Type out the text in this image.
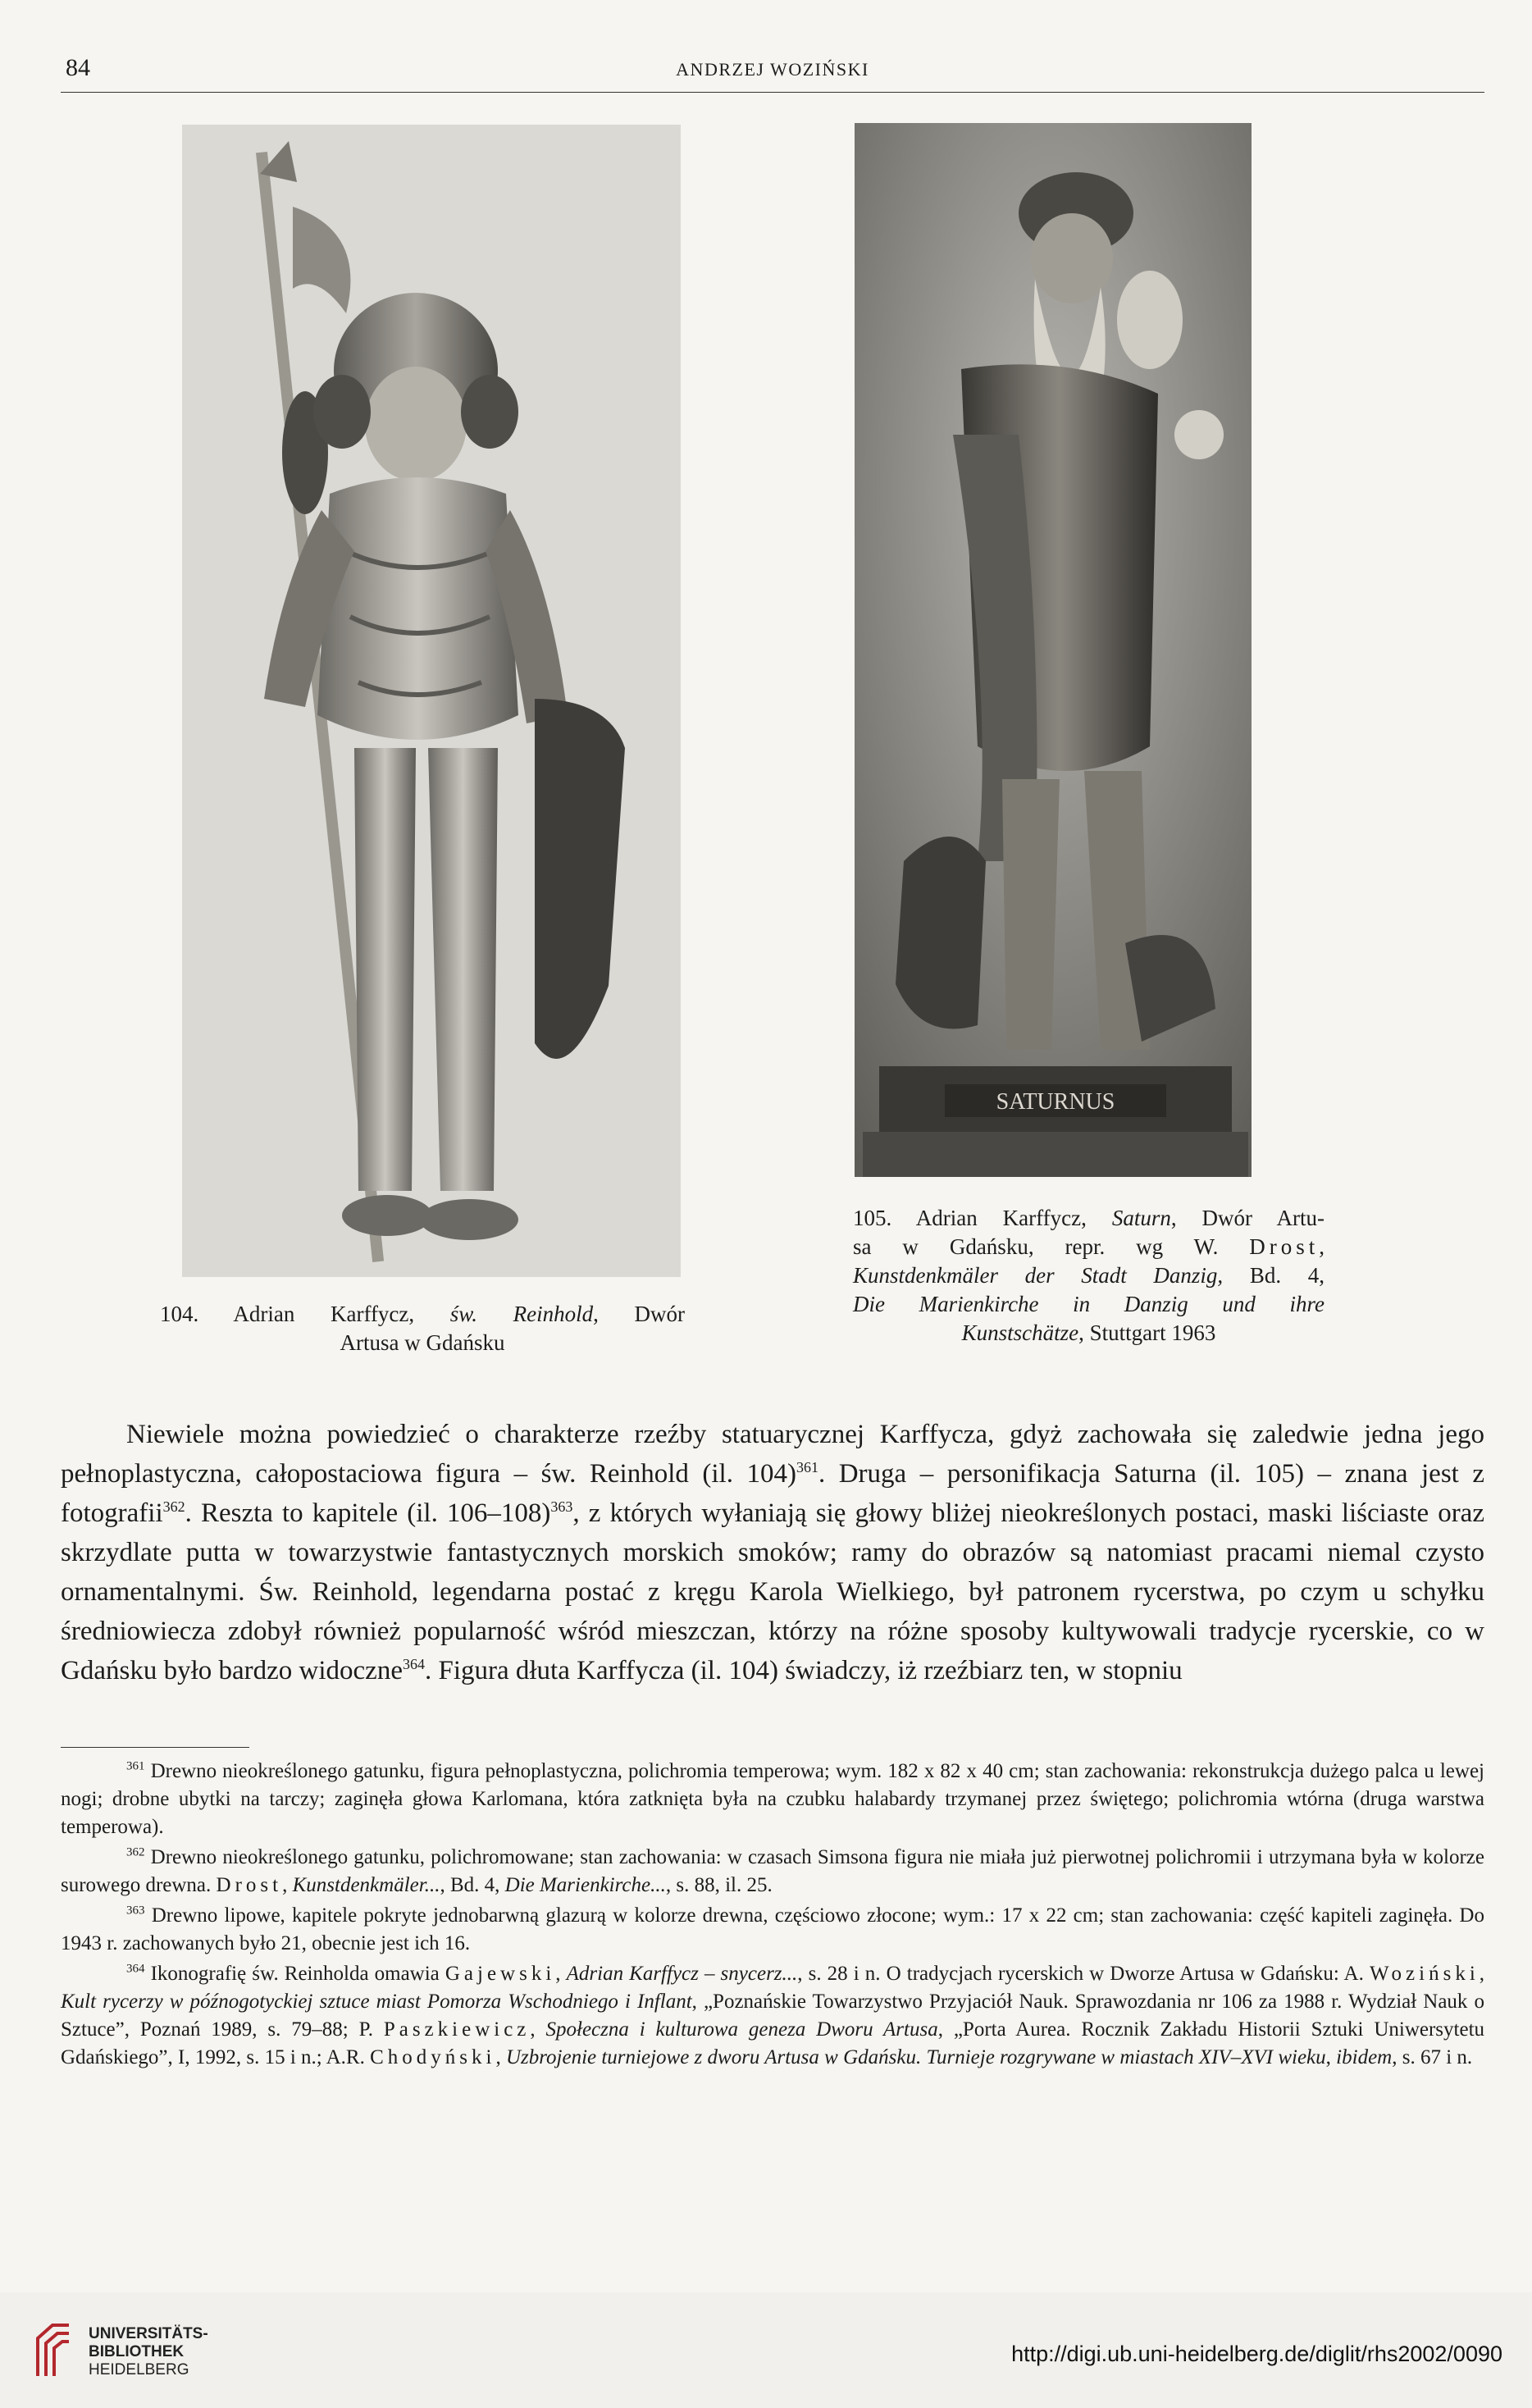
84	ANDRZEJ WOZIŃSKI
SATURNUS
104. Adrian Karffycz, św. Reinhold, Dwór
Artusa w Gdańsku
105. Adrian Karffycz, Saturn, Dwór Artu-
sa w Gdańsku, repr. wg W. Drost,
Kunstdenkmäler der Stadt Danzig, Bd. 4,
Die Marienkirche in Danzig und ihre
Kunstschätze, Stuttgart 1963

Niewiele można powiedzieć o charakterze rzeźby statuarycznej Karffycza, gdyż zachowała się zaledwie jedna jego pełnoplastyczna, całopostaciowa figura – św. Reinhold (il. 104)$^{361}$. Druga – personifikacja Saturna (il. 105) – znana jest z fotografii$^{362}$. Reszta to kapitele (il. 106–108)$^{363}$, z których wyłaniają się głowy bliżej nieokreślonych postaci, maski liściaste oraz skrzydlate putta w towarzystwie fantastycznych morskich smoków; ramy do obrazów są natomiast pracami niemal czysto ornamentalnymi. Św. Reinhold, legendarna postać z kręgu Karola Wielkiego, był patronem rycerstwa, po czym u schyłku średniowiecza zdobył również popularność wśród mieszczan, którzy na różne sposoby kultywowali tradycje rycerskie, co w Gdańsku było bardzo widoczne$^{364}$. Figura dłuta Karffycza (il. 104) świadczy, iż rzeźbiarz ten, w stopniu

$^{361}$ Drewno nieokreślonego gatunku, figura pełnoplastyczna, polichromia temperowa; wym. 182 x 82 x 40 cm; stan zachowania: rekonstrukcja dużego palca u lewej nogi; drobne ubytki na tarczy; zaginęła głowa Karlomana, która zatknięta była na czubku halabardy trzymanej przez świętego; polichromia wtórna (druga warstwa temperowa).

$^{362}$ Drewno nieokreślonego gatunku, polichromowane; stan zachowania: w czasach Simsona figura nie miała już pierwotnej polichromii i utrzymana była w kolorze surowego drewna. Drost, Kunstdenkmäler..., Bd. 4, Die Marienkirche..., s. 88, il. 25.

$^{363}$ Drewno lipowe, kapitele pokryte jednobarwną glazurą w kolorze drewna, częściowo złocone; wym.: 17 x 22 cm; stan zachowania: część kapiteli zaginęła. Do 1943 r. zachowanych było 21, obecnie jest ich 16.

$^{364}$ Ikonografię św. Reinholda omawia Gajewski, Adrian Karffycz – snycerz..., s. 28 i n. O tradycjach rycerskich w Dworze Artusa w Gdańsku: A. Woziński, Kult rycerzy w późnogotyckiej sztuce miast Pomorza Wschodniego i Inflant, „Poznańskie Towarzystwo Przyjaciół Nauk. Sprawozdania nr 106 za 1988 r. Wydział Nauk o Sztuce”, Poznań 1989, s. 79–88; P. Paszkiewicz, Społeczna i kulturowa geneza Dworu Artusa, „Porta Aurea. Rocznik Zakładu Historii Sztuki Uniwersytetu Gdańskiego”, I, 1992, s. 15 i n.; A.R. Chodyński, Uzbrojenie turniejowe z dworu Artusa w Gdańsku. Turnieje rozgrywane w miastach XIV–XVI wieku, ibidem, s. 67 i n.

UNIVERSITÄTS-
BIBLIOTHEK
HEIDELBERG
http://digi.ub.uni-heidelberg.de/diglit/rhs2002/0090
